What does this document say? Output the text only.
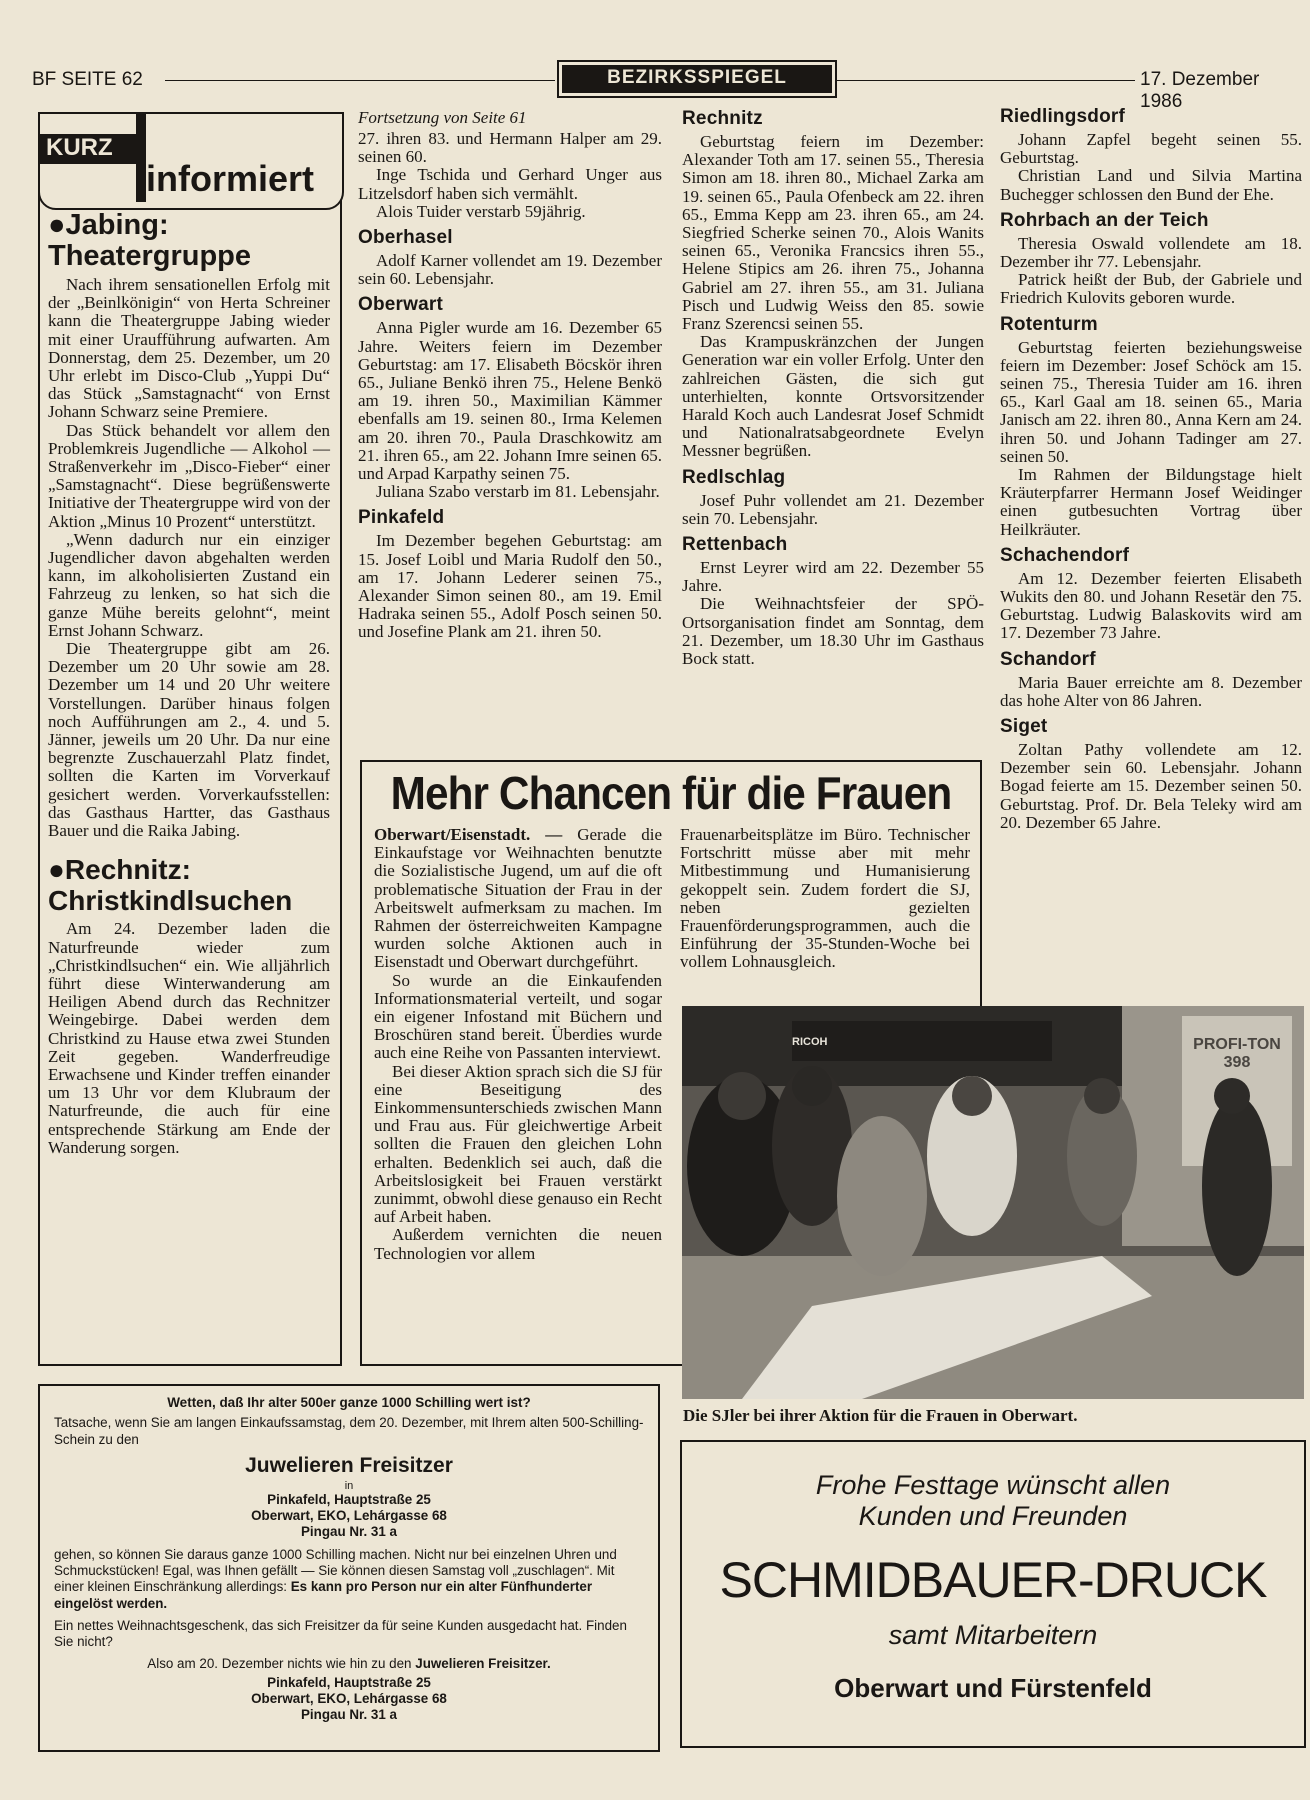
BF SEITE 62	BEZIRKSSPIEGEL	17. Dezember 1986
KURZ
informiert
●Jabing:
Theatergruppe

Nach ihrem sensationellen Erfolg mit der „Beinlkönigin“ von Herta Schreiner kann die Theatergruppe Jabing wieder mit einer Uraufführung aufwarten. Am Donnerstag, dem 25. Dezember, um 20 Uhr erlebt im Disco-Club „Yuppi Du“ das Stück „Samstagnacht“ von Ernst Johann Schwarz seine Premiere.

Das Stück behandelt vor allem den Problemkreis Jugendliche — Alkohol — Straßenverkehr im „Disco-Fieber“ einer „Samstagnacht“. Diese begrüßenswerte Initiative der Theatergruppe wird von der Aktion „Minus 10 Prozent“ unterstützt.

„Wenn dadurch nur ein einziger Jugendlicher davon abgehalten werden kann, im alkoholisierten Zustand ein Fahrzeug zu lenken, so hat sich die ganze Mühe bereits gelohnt“, meint Ernst Johann Schwarz.

Die Theatergruppe gibt am 26. Dezember um 20 Uhr sowie am 28. Dezember um 14 und 20 Uhr weitere Vorstellungen. Darüber hinaus folgen noch Aufführungen am 2., 4. und 5. Jänner, jeweils um 20 Uhr. Da nur eine begrenzte Zuschauerzahl Platz findet, sollten die Karten im Vorverkauf gesichert werden. Vorverkaufsstellen: das Gasthaus Hartter, das Gasthaus Bauer und die Raika Jabing.

●Rechnitz:
Christkindlsuchen

Am 24. Dezember laden die Naturfreunde wieder zum „Christkindlsuchen“ ein. Wie alljährlich führt diese Winterwanderung am Heiligen Abend durch das Rechnitzer Weingebirge. Dabei werden dem Christkind zu Hause etwa zwei Stunden Zeit gegeben. Wanderfreudige Erwachsene und Kinder treffen einander um 13 Uhr vor dem Klubraum der Naturfreunde, die auch für eine entsprechende Stärkung am Ende der Wanderung sorgen.

Fortsetzung von Seite 61

27. ihren 83. und Hermann Halper am 29. seinen 60.

Inge Tschida und Gerhard Unger aus Litzelsdorf haben sich vermählt.

Alois Tuider verstarb 59jährig.

Oberhasel

Adolf Karner vollendet am 19. Dezember sein 60. Lebensjahr.

Oberwart

Anna Pigler wurde am 16. Dezember 65 Jahre. Weiters feiern im Dezember Geburtstag: am 17. Elisabeth Böcskör ihren 65., Juliane Benkö ihren 75., Helene Benkö am 19. ihren 50., Maximilian Kämmer ebenfalls am 19. seinen 80., Irma Kelemen am 20. ihren 70., Paula Draschkowitz am 21. ihren 65., am 22. Johann Imre seinen 65. und Arpad Karpathy seinen 75.

Juliana Szabo verstarb im 81. Lebensjahr.

Pinkafeld

Im Dezember begehen Geburtstag: am 15. Josef Loibl und Maria Rudolf den 50., am 17. Johann Lederer seinen 75., Alexander Simon seinen 80., am 19. Emil Hadraka seinen 55., Adolf Posch seinen 50. und Josefine Plank am 21. ihren 50.

Rechnitz

Geburtstag feiern im Dezember: Alexander Toth am 17. seinen 55., Theresia Simon am 18. ihren 80., Michael Zarka am 19. seinen 65., Paula Ofenbeck am 22. ihren 65., Emma Kepp am 23. ihren 65., am 24. Siegfried Scherke seinen 70., Alois Wanits seinen 65., Veronika Francsics ihren 55., Helene Stipics am 26. ihren 75., Johanna Gabriel am 27. ihren 55., am 31. Juliana Pisch und Ludwig Weiss den 85. sowie Franz Szerencsi seinen 55.

Das Krampuskränzchen der Jungen Generation war ein voller Erfolg. Unter den zahlreichen Gästen, die sich gut unterhielten, konnte Ortsvorsitzender Harald Koch auch Landesrat Josef Schmidt und Nationalratsabgeordnete Evelyn Messner begrüßen.

Redlschlag

Josef Puhr vollendet am 21. Dezember sein 70. Lebensjahr.

Rettenbach

Ernst Leyrer wird am 22. Dezember 55 Jahre.

Die Weihnachtsfeier der SPÖ-Ortsorganisation findet am Sonntag, dem 21. Dezember, um 18.30 Uhr im Gasthaus Bock statt.

Riedlingsdorf

Johann Zapfel begeht seinen 55. Geburtstag.

Christian Land und Silvia Martina Buchegger schlossen den Bund der Ehe.

Rohrbach an der Teich

Theresia Oswald vollendete am 18. Dezember ihr 77. Lebensjahr.

Patrick heißt der Bub, der Gabriele und Friedrich Kulovits geboren wurde.

Rotenturm

Geburtstag feierten beziehungsweise feiern im Dezember: Josef Schöck am 15. seinen 75., Theresia Tuider am 16. ihren 65., Karl Gaal am 18. seinen 65., Maria Janisch am 22. ihren 80., Anna Kern am 24. ihren 50. und Johann Tadinger am 27. seinen 50.

Im Rahmen der Bildungstage hielt Kräuterpfarrer Hermann Josef Weidinger einen gutbesuchten Vortrag über Heilkräuter.

Schachendorf

Am 12. Dezember feierten Elisabeth Wukits den 80. und Johann Resetär den 75. Geburtstag. Ludwig Balaskovits wird am 17. Dezember 73 Jahre.

Schandorf

Maria Bauer erreichte am 8. Dezember das hohe Alter von 86 Jahren.

Siget

Zoltan Pathy vollendete am 12. Dezember sein 60. Lebensjahr. Johann Bogad feierte am 15. Dezember seinen 50. Geburtstag. Prof. Dr. Bela Teleky wird am 20. Dezember 65 Jahre.

Mehr Chancen für die Frauen

Oberwart/Eisenstadt. — Gerade die Einkaufstage vor Weihnachten benutzte die Sozialistische Jugend, um auf die oft problematische Situation der Frau in der Arbeitswelt aufmerksam zu machen. Im Rahmen der österreichweiten Kampagne wurden solche Aktionen auch in Eisenstadt und Oberwart durchgeführt.

So wurde an die Einkaufenden Informationsmaterial verteilt, und sogar ein eigener Infostand mit Büchern und Broschüren stand bereit. Überdies wurde auch eine Reihe von Passanten interviewt.

Bei dieser Aktion sprach sich die SJ für eine Beseitigung des Einkommensunterschieds zwischen Mann und Frau aus. Für gleichwertige Arbeit sollten die Frauen den gleichen Lohn erhalten. Bedenklich sei auch, daß die Arbeitslosigkeit bei Frauen verstärkt zunimmt, obwohl diese genauso ein Recht auf Arbeit haben.

Außerdem vernichten die neuen Technologien vor allem

Frauenarbeitsplätze im Büro. Technischer Fortschritt müsse aber mit mehr Mitbestimmung und Humanisierung gekoppelt sein. Zudem fordert die SJ, neben gezielten Frauenförderungsprogrammen, auch die Einführung der 35-Stunden-Woche bei vollem Lohnausgleich.

RICOH	PROFI-TON 398
Die SJler bei ihrer Aktion für die Frauen in Oberwart.
Wetten, daß Ihr alter 500er ganze 1000 Schilling wert ist?
Tatsache, wenn Sie am langen Einkaufssamstag, dem 20. Dezember, mit Ihrem alten 500-Schilling-Schein zu den
Juwelieren Freisitzer
in
Pinkafeld, Hauptstraße 25
Oberwart, EKO, Lehárgasse 68
Pingau Nr. 31 a
gehen, so können Sie daraus ganze 1000 Schilling machen. Nicht nur bei einzelnen Uhren und Schmuckstücken! Egal, was Ihnen gefällt — Sie können diesen Samstag voll „zuschlagen“. Mit einer kleinen Einschränkung allerdings: Es kann pro Person nur ein alter Fünfhunderter eingelöst werden.
Ein nettes Weihnachtsgeschenk, das sich Freisitzer da für seine Kunden ausgedacht hat. Finden Sie nicht?
Also am 20. Dezember nichts wie hin zu den Juwelieren Freisitzer.
Pinkafeld, Hauptstraße 25
Oberwart, EKO, Lehárgasse 68
Pingau Nr. 31 a
Frohe Festtage wünscht allen
Kunden und Freunden
SCHMIDBAUER-DRUCK
samt Mitarbeitern
Oberwart und Fürstenfeld
